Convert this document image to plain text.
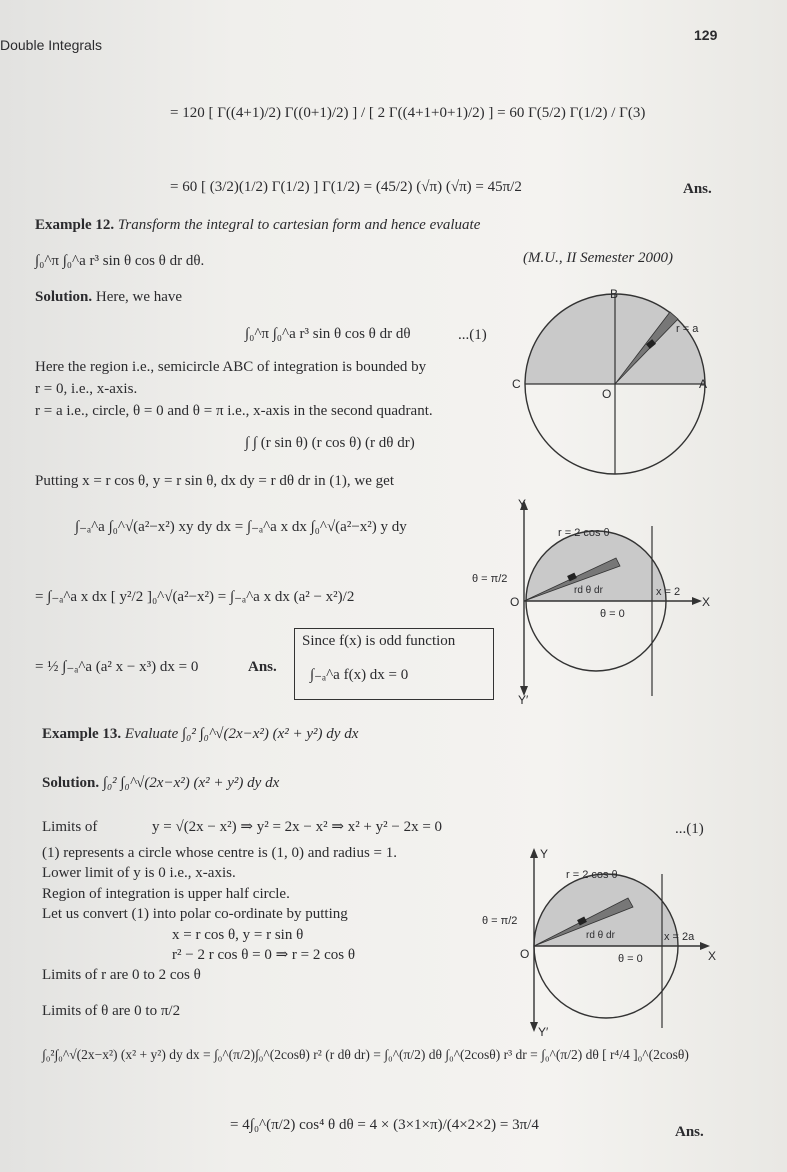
Double Integrals
129
= 120 [ Γ((4+1)/2) Γ((0+1)/2) ] / [ 2 Γ((4+1+0+1)/2) ] = 60 Γ(5/2) Γ(1/2) / Γ(3)
= 60 [ (3/2)(1/2) Γ(1/2) ] Γ(1/2) = (45/2) (√π) (√π) = 45π/2	Ans.
Example 12. Transform the integral to cartesian form and hence evaluate
∫₀^π ∫₀^a r³ sin θ cos θ dr dθ.	(M.U., II Semester 2000)
Solution. Here, we have
∫₀^π ∫₀^a r³ sin θ cos θ dr dθ	...(1)
Here the region i.e., semicircle ABC of integration is bounded by
r = 0, i.e., x-axis.
r = a i.e., circle, θ = 0 and θ = π i.e., x-axis in the second quadrant.
∫ ∫ (r sin θ) (r cos θ) (r dθ dr)
Putting x = r cos θ, y = r sin θ, dx dy = r dθ dr in (1), we get
∫₋ₐ^a ∫₀^√(a²−x²) xy dy dx = ∫₋ₐ^a x dx ∫₀^√(a²−x²) y dy
= ∫₋ₐ^a x dx [ y²/2 ]₀^√(a²−x²) = ∫₋ₐ^a x dx (a² − x²)/2
= ½ ∫₋ₐ^a (a² x − x³) dx = 0	Ans.
Since f(x) is odd function
∫₋ₐ^a f(x) dx = 0
B
C
O
A
r = a
Y
Y′
X
O
r = 2 cos θ
θ = π/2
rd θ dr	x = 2
θ = 0
Example 13. Evaluate ∫₀² ∫₀^√(2x−x²) (x² + y²) dy dx
Solution. ∫₀² ∫₀^√(2x−x²) (x² + y²) dy dx
Limits of	y = √(2x − x²) ⇒ y² = 2x − x² ⇒ x² + y² − 2x = 0	...(1)
(1) represents a circle whose centre is (1, 0) and radius = 1.
Lower limit of y is 0 i.e., x-axis.
Region of integration is upper half circle.
Let us convert (1) into polar co-ordinate by putting
x = r cos θ, y = r sin θ
r² − 2 r cos θ = 0 ⇒ r = 2 cos θ
Limits of r are 0 to 2 cos θ
Limits of θ are 0 to π/2
∫₀²∫₀^√(2x−x²) (x² + y²) dy dx = ∫₀^(π/2)∫₀^(2cosθ) r² (r dθ dr) = ∫₀^(π/2) dθ ∫₀^(2cosθ) r³ dr = ∫₀^(π/2) dθ [ r⁴/4 ]₀^(2cosθ)
= 4∫₀^(π/2) cos⁴ θ dθ = 4 × (3×1×π)/(4×2×2) = 3π/4	Ans.
Y
Y′
X
O
r = 2 cos θ
θ = π/2
rd θ dr	x = 2a
θ = 0
